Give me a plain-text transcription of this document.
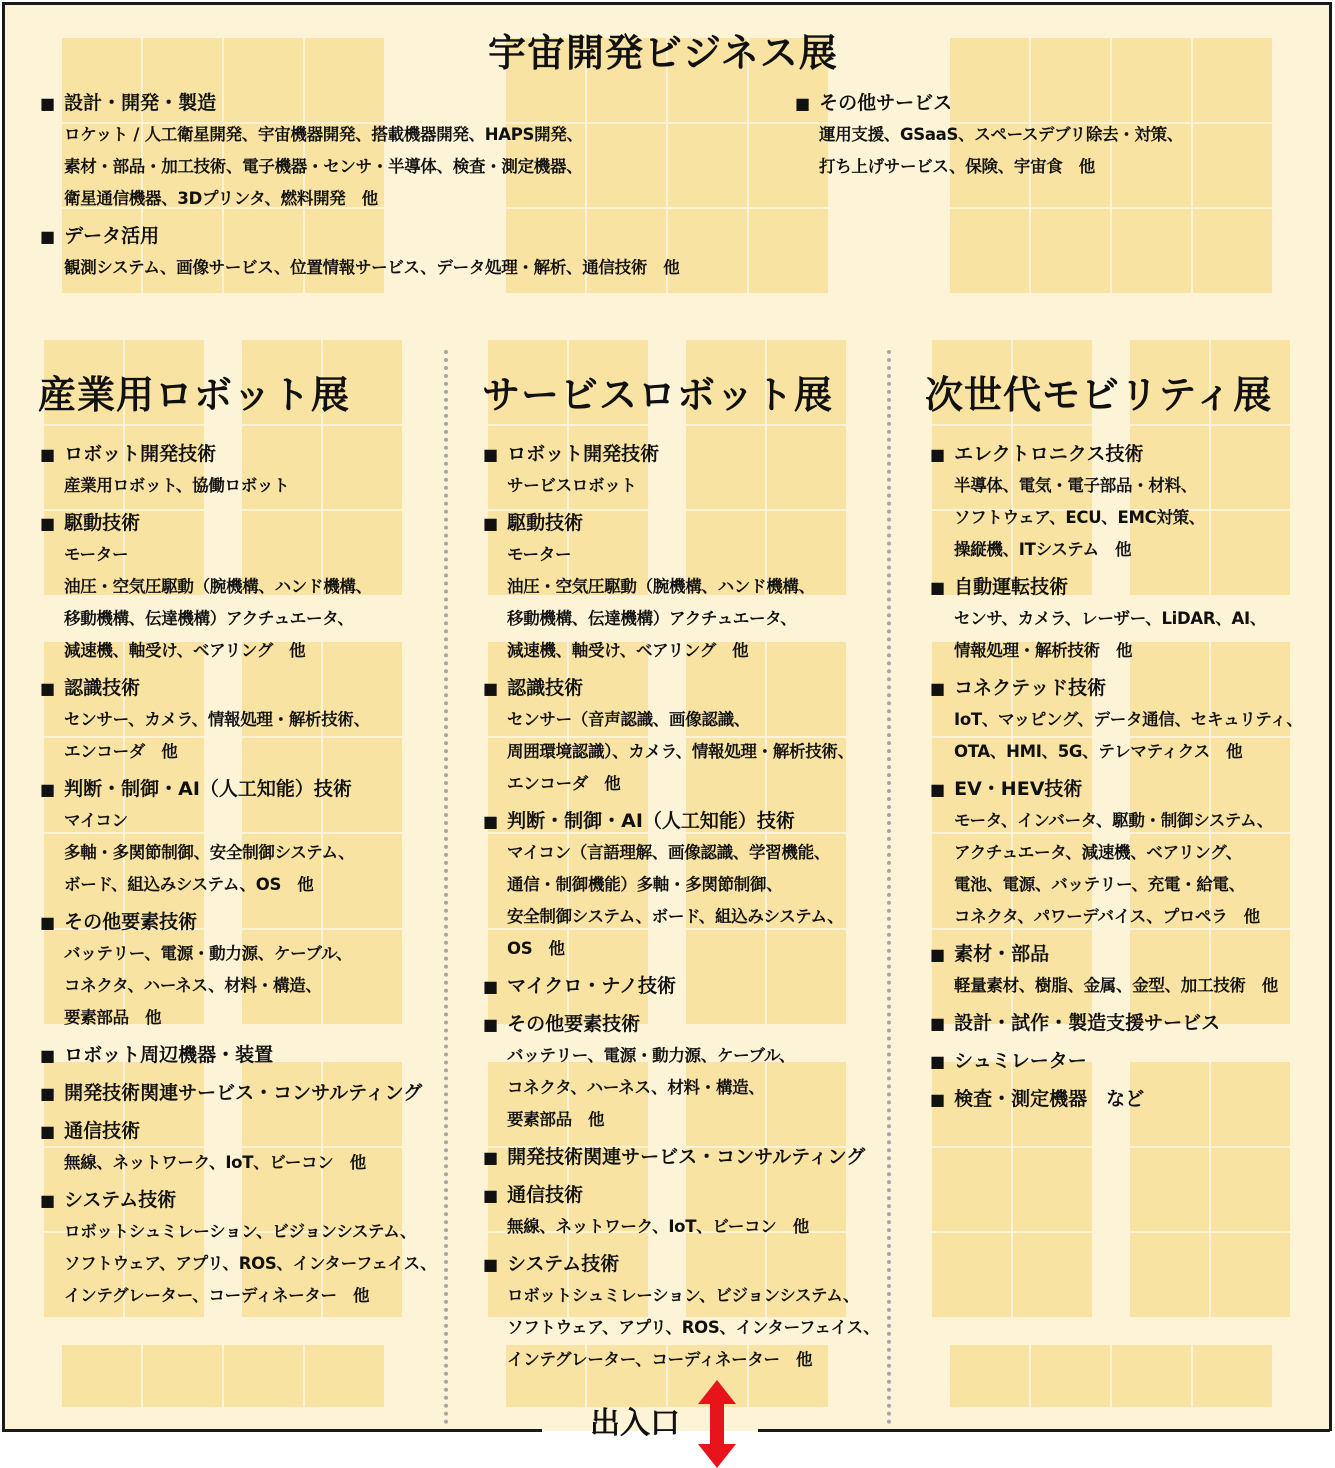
宇宙開発ビジネス展
産業用ロボット展	サービスロボット展 次世代モビリティ展
■ 設計・開発・製造
ロケット / 人工衛星開発、宇宙機器開発、搭載機器開発、HAPS開発、
素材・部品・加工技術、電子機器・センサ・半導体、検査・測定機器、
衛星通信機器、3Dプリンタ、燃料開発　他
■ データ活用
観測システム、画像サービス、位置情報サービス、データ処理・解析、通信技術　他
■ その他サービス
運用支援、GSaaS、スペースデブリ除去・対策、
打ち上げサービス、保険、宇宙食　他
■ ロボット開発技術
産業用ロボット、協働ロボット
■ 駆動技術
モーター
油圧・空気圧駆動（腕機構、ハンド機構、
移動機構、伝達機構）アクチュエータ、
減速機、軸受け、ベアリング　他
■ 認識技術
センサー、カメラ、情報処理・解析技術、
エンコーダ　他
■ 判断・制御・AI（人工知能）技術
マイコン
多軸・多関節制御、安全制御システム、
ボード、組込みシステム、OS　他
■ その他要素技術
バッテリー、電源・動力源、ケーブル、
コネクタ、ハーネス、材料・構造、
要素部品　他
■ ロボット周辺機器・装置
■ 開発技術関連サービス・コンサルティング
■ 通信技術
無線、ネットワーク、IoT、ビーコン　他
■ システム技術
ロボットシュミレーション、ビジョンシステム、
ソフトウェア、アプリ、ROS、インターフェイス、
インテグレーター、コーディネーター　他
■ ロボット開発技術
サービスロボット
■ 駆動技術
モーター
油圧・空気圧駆動（腕機構、ハンド機構、
移動機構、伝達機構）アクチュエータ、
減速機、軸受け、ベアリング　他
■ 認識技術
センサー（音声認識、画像認識、
周囲環境認識）、カメラ、情報処理・解析技術、
エンコーダ　他
■ 判断・制御・AI（人工知能）技術
マイコン（言語理解、画像認識、学習機能、
通信・制御機能）多軸・多関節制御、
安全制御システム、ボード、組込みシステム、
OS　他
■ マイクロ・ナノ技術
■ その他要素技術
バッテリー、電源・動力源、ケーブル、
コネクタ、ハーネス、材料・構造、
要素部品　他
■ 開発技術関連サービス・コンサルティング
■ 通信技術
無線、ネットワーク、IoT、ビーコン　他
■ システム技術
ロボットシュミレーション、ビジョンシステム、
ソフトウェア、アプリ、ROS、インターフェイス、
インテグレーター、コーディネーター　他
■ エレクトロニクス技術
半導体、電気・電子部品・材料、
ソフトウェア、ECU、EMC対策、
操縦機、ITシステム　他
■ 自動運転技術
センサ、カメラ、レーザー、LiDAR、AI、
情報処理・解析技術　他
■ コネクテッド技術
IoT、マッピング、データ通信、セキュリティ、
OTA、HMI、5G、テレマティクス　他
■ EV・HEV技術
モータ、インバータ、駆動・制御システム、
アクチュエータ、減速機、ベアリング、
電池、電源、バッテリー、充電・給電、
コネクタ、パワーデバイス、プロペラ　他
■ 素材・部品
軽量素材、樹脂、金属、金型、加工技術　他
■ 設計・試作・製造支援サービス
■ シュミレーター
■ 検査・測定機器　など
出入口
